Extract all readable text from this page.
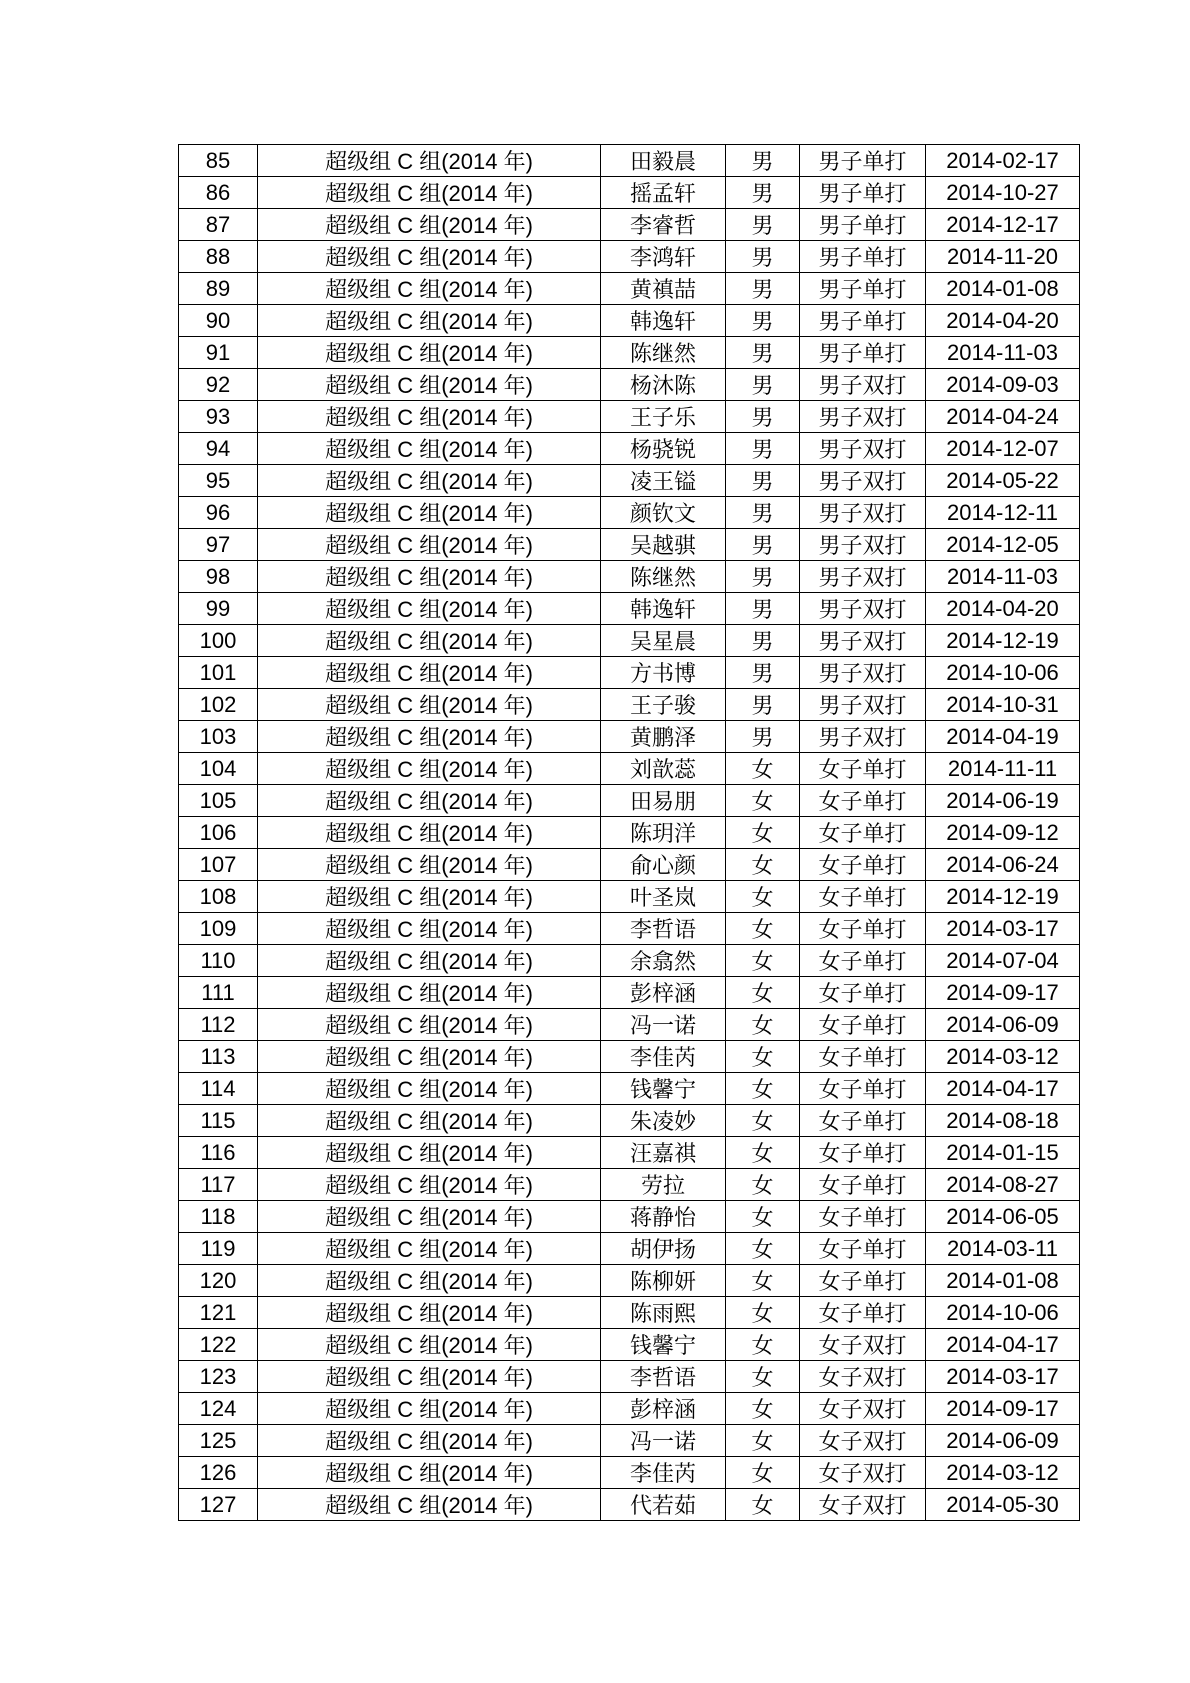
85	超级组 C 组(2014 年)	田毅晨	男	男子单打	2014-02-17
86	超级组 C 组(2014 年)	摇孟轩	男	男子单打	2014-10-27
87	超级组 C 组(2014 年)	李睿哲	男	男子单打	2014-12-17
88	超级组 C 组(2014 年)	李鸿轩	男	男子单打	2014-11-20
89	超级组 C 组(2014 年)	黄禛喆	男	男子单打	2014-01-08
90	超级组 C 组(2014 年)	韩逸轩	男	男子单打	2014-04-20
91	超级组 C 组(2014 年)	陈继然	男	男子单打	2014-11-03
92	超级组 C 组(2014 年)	杨沐陈	男	男子双打	2014-09-03
93	超级组 C 组(2014 年)	王子乐	男	男子双打	2014-04-24
94	超级组 C 组(2014 年)	杨骁锐	男	男子双打	2014-12-07
95	超级组 C 组(2014 年)	凌王镒	男	男子双打	2014-05-22
96	超级组 C 组(2014 年)	颜钦文	男	男子双打	2014-12-11
97	超级组 C 组(2014 年)	吴越骐	男	男子双打	2014-12-05
98	超级组 C 组(2014 年)	陈继然	男	男子双打	2014-11-03
99	超级组 C 组(2014 年)	韩逸轩	男	男子双打	2014-04-20
100	超级组 C 组(2014 年)	吴星晨	男	男子双打	2014-12-19
101	超级组 C 组(2014 年)	方书博	男	男子双打	2014-10-06
102	超级组 C 组(2014 年)	王子骏	男	男子双打	2014-10-31
103	超级组 C 组(2014 年)	黄鹏泽	男	男子双打	2014-04-19
104	超级组 C 组(2014 年)	刘歆蕊	女	女子单打	2014-11-11
105	超级组 C 组(2014 年)	田易朋	女	女子单打	2014-06-19
106	超级组 C 组(2014 年)	陈玥洋	女	女子单打	2014-09-12
107	超级组 C 组(2014 年)	俞心颜	女	女子单打	2014-06-24
108	超级组 C 组(2014 年)	叶圣岚	女	女子单打	2014-12-19
109	超级组 C 组(2014 年)	李哲语	女	女子单打	2014-03-17
110	超级组 C 组(2014 年)	余翕然	女	女子单打	2014-07-04
111	超级组 C 组(2014 年)	彭梓涵	女	女子单打	2014-09-17
112	超级组 C 组(2014 年)	冯一诺	女	女子单打	2014-06-09
113	超级组 C 组(2014 年)	李佳芮	女	女子单打	2014-03-12
114	超级组 C 组(2014 年)	钱馨宁	女	女子单打	2014-04-17
115	超级组 C 组(2014 年)	朱凌妙	女	女子单打	2014-08-18
116	超级组 C 组(2014 年)	汪嘉祺	女	女子单打	2014-01-15
117	超级组 C 组(2014 年)	劳拉	女	女子单打	2014-08-27
118	超级组 C 组(2014 年)	蒋静怡	女	女子单打	2014-06-05
119	超级组 C 组(2014 年)	胡伊扬	女	女子单打	2014-03-11
120	超级组 C 组(2014 年)	陈柳妍	女	女子单打	2014-01-08
121	超级组 C 组(2014 年)	陈雨熙	女	女子单打	2014-10-06
122	超级组 C 组(2014 年)	钱馨宁	女	女子双打	2014-04-17
123	超级组 C 组(2014 年)	李哲语	女	女子双打	2014-03-17
124	超级组 C 组(2014 年)	彭梓涵	女	女子双打	2014-09-17
125	超级组 C 组(2014 年)	冯一诺	女	女子双打	2014-06-09
126	超级组 C 组(2014 年)	李佳芮	女	女子双打	2014-03-12
127	超级组 C 组(2014 年)	代若茹	女	女子双打	2014-05-30
